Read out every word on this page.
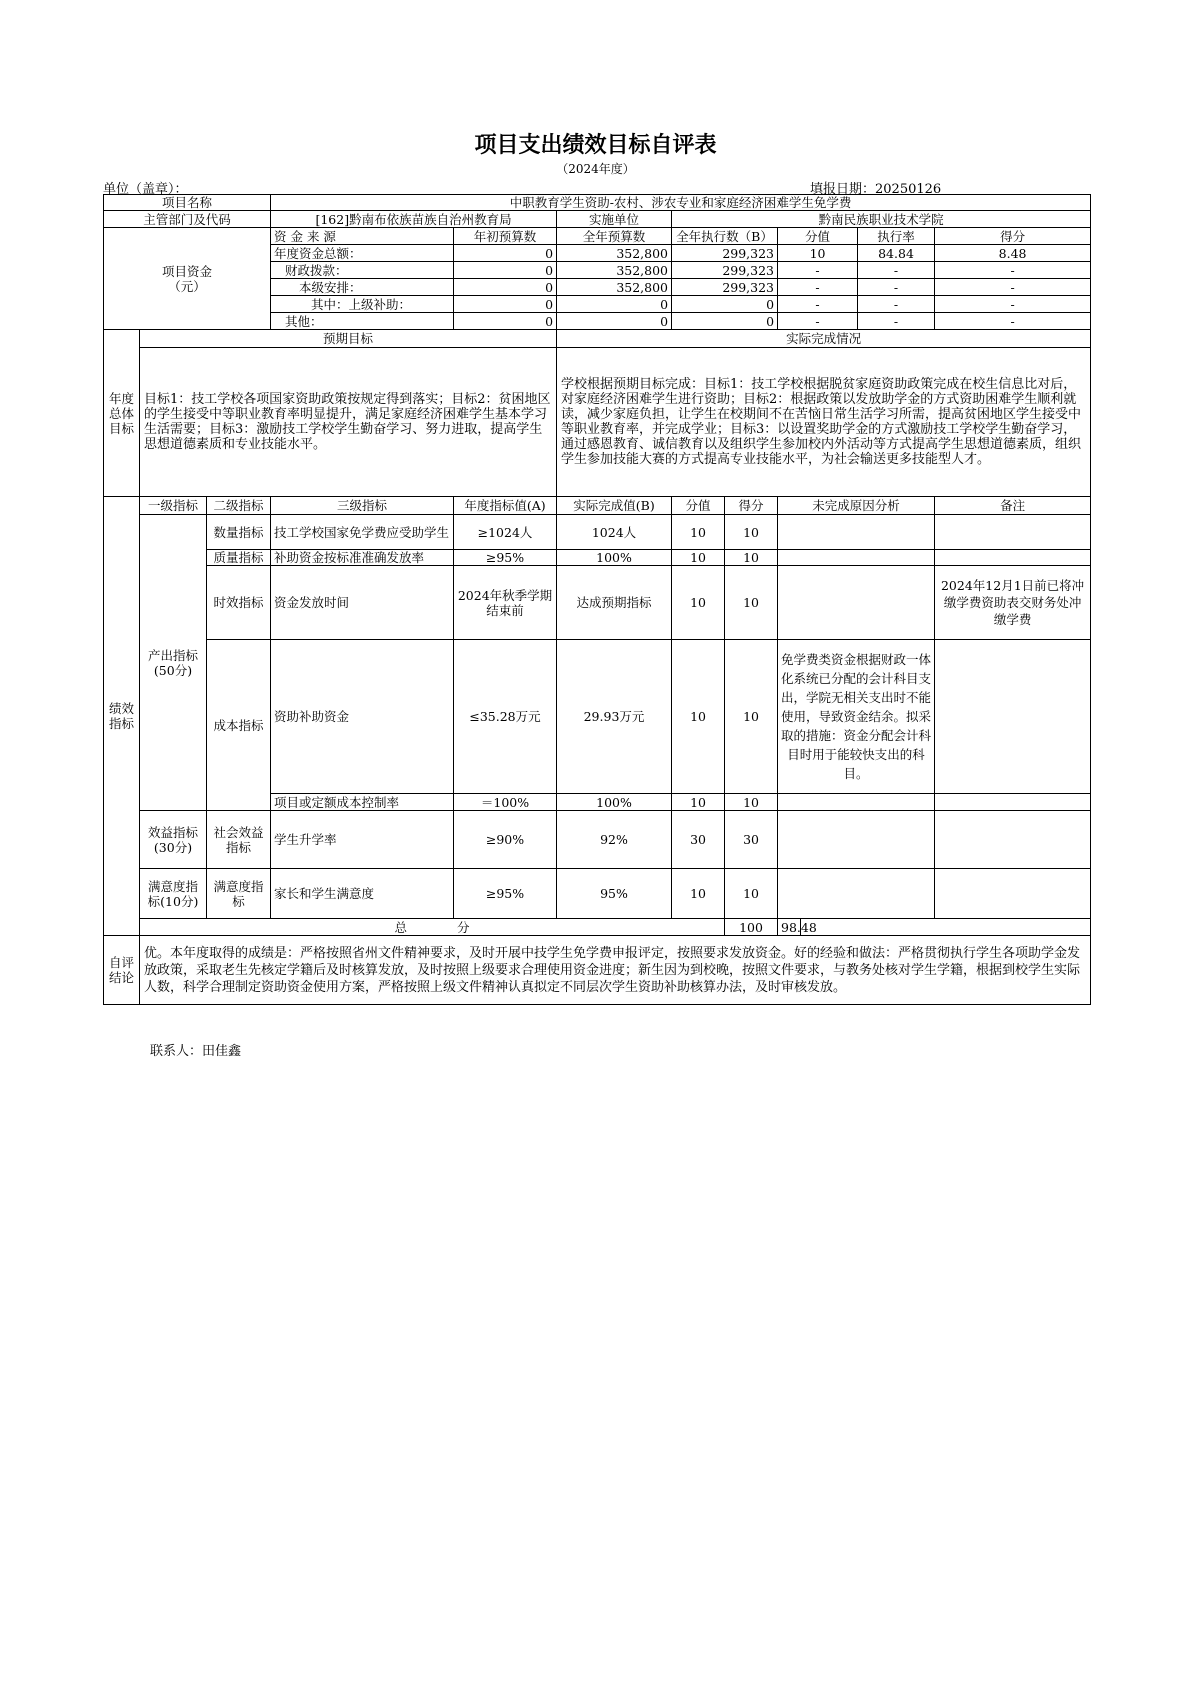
项目支出绩效目标自评表
（2024年度）
单位（盖章）：	填报日期：20250126
项目名称			中职教育学生资助-农村、涉农专业和家庭经济困难学生免学费								
主管部门及代码			[162]黔南布依族苗族自治州教育局		实施单位	黔南民族职业技术学院					
项目资金
（元）			资 金 来 源	年初预算数	全年预算数	全年执行数（B）		分值		执行率	得分
			年度资金总额：	0	352,800	299,323		10		84.84	8.48
			财政拨款：	0	352,800	299,323		-		-	-
			本级安排：	0	352,800	299,323		-		-	-
			其中：上级补助：	0	0	0		-		-	-
			其他：	0	0	0		-		-	-
年度总体目标	预期目标				实际完成情况						
	目标1：技工学校各项国家资助政策按规定得到落实；目标2：贫困地区的学生接受中等职业教育率明显提升，满足家庭经济困难学生基本学习生活需要；目标3：激励技工学校学生勤奋学习、努力进取，提高学生思想道德素质和专业技能水平。				学校根据预期目标完成：目标1：技工学校根据脱贫家庭资助政策完成在校生信息比对后，对家庭经济困难学生进行资助；目标2：根据政策以发放助学金的方式资助困难学生顺利就读，减少家庭负担，让学生在校期间不在苦恼日常生活学习所需，提高贫困地区学生接受中等职业教育率，并完成学业；目标3：以设置奖助学金的方式激励技工学校学生勤奋学习，通过感恩教育、诚信教育以及组织学生参加校内外活动等方式提高学生思想道德素质，组织学生参加技能大赛的方式提高专业技能水平，为社会输送更多技能型人才。						
绩效指标	一级指标	二级指标	三级指标	年度指标值(A)	实际完成值(B)	分值	得分	未完成原因分析			备注
	产出指标
(50分)	数量指标	技工学校国家免学费应受助学生	≥1024人	1024人	10	10				
		质量指标	补助资金按标准准确发放率	≥95%	100%	10	10				
		时效指标	资金发放时间	2024年秋季学期结束前	达成预期指标	10	10				2024年12月1日前已将冲缴学费资助表交财务处冲缴学费
		成本指标	资助补助资金	≤35.28万元	29.93万元	10	10	免学费类资金根据财政一体化系统已分配的会计科目支出，学院无相关支出时不能使用，导致资金结余。拟采取的措施：资金分配会计科目时用于能较快支出的科目。			
			项目或定额成本控制率	＝100%	100%	10	10				
	效益指标
(30分)	社会效益指标	学生升学率	≥90%	92%	30	30				
	满意度指标(10分)	满意度指标	家长和学生满意度	≥95%	95%	10	10				
	总　　　　分						100	98.48			
自评结论	优。本年度取得的成绩是：严格按照省州文件精神要求，及时开展中技学生免学费申报评定，按照要求发放资金。好的经验和做法：严格贯彻执行学生各项助学金发放政策，采取老生先核定学籍后及时核算发放，及时按照上级要求合理使用资金进度；新生因为到校晚，按照文件要求，与教务处核对学生学籍，根据到校学生实际人数，科学合理制定资助资金使用方案，严格按照上级文件精神认真拟定不同层次学生资助补助核算办法，及时审核发放。										
联系人：田佳鑫
